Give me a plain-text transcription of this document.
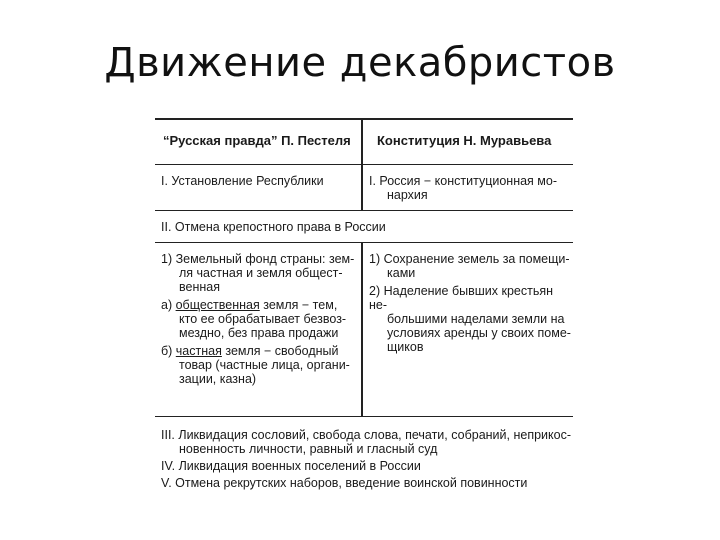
Движение декабристов
“Русская правда” П. Пестеля Конституция Н. Муравьева
I. Установление Республики	I. Россия − конституционная мо-
нархия
II. Отмена крепостного права в России
1) Земельный фонд страны: зем-
ля частная и земля общест-
венная
а) общественная земля − тем,
кто ее обрабатывает безвоз-
мездно, без права продажи
б) частная земля − свободный
товар (частные лица, органи-
зации, казна)
1) Сохранение земель за помещи-
ками
2) Наделение бывших крестьян не-
большими наделами земли на
условиях аренды у своих поме-
щиков
III. Ликвидация сословий, свобода слова, печати, собраний, неприкос-
новенность личности, равный и гласный суд
IV. Ликвидация военных поселений в России
V. Отмена рекрутских наборов, введение воинской повинности
